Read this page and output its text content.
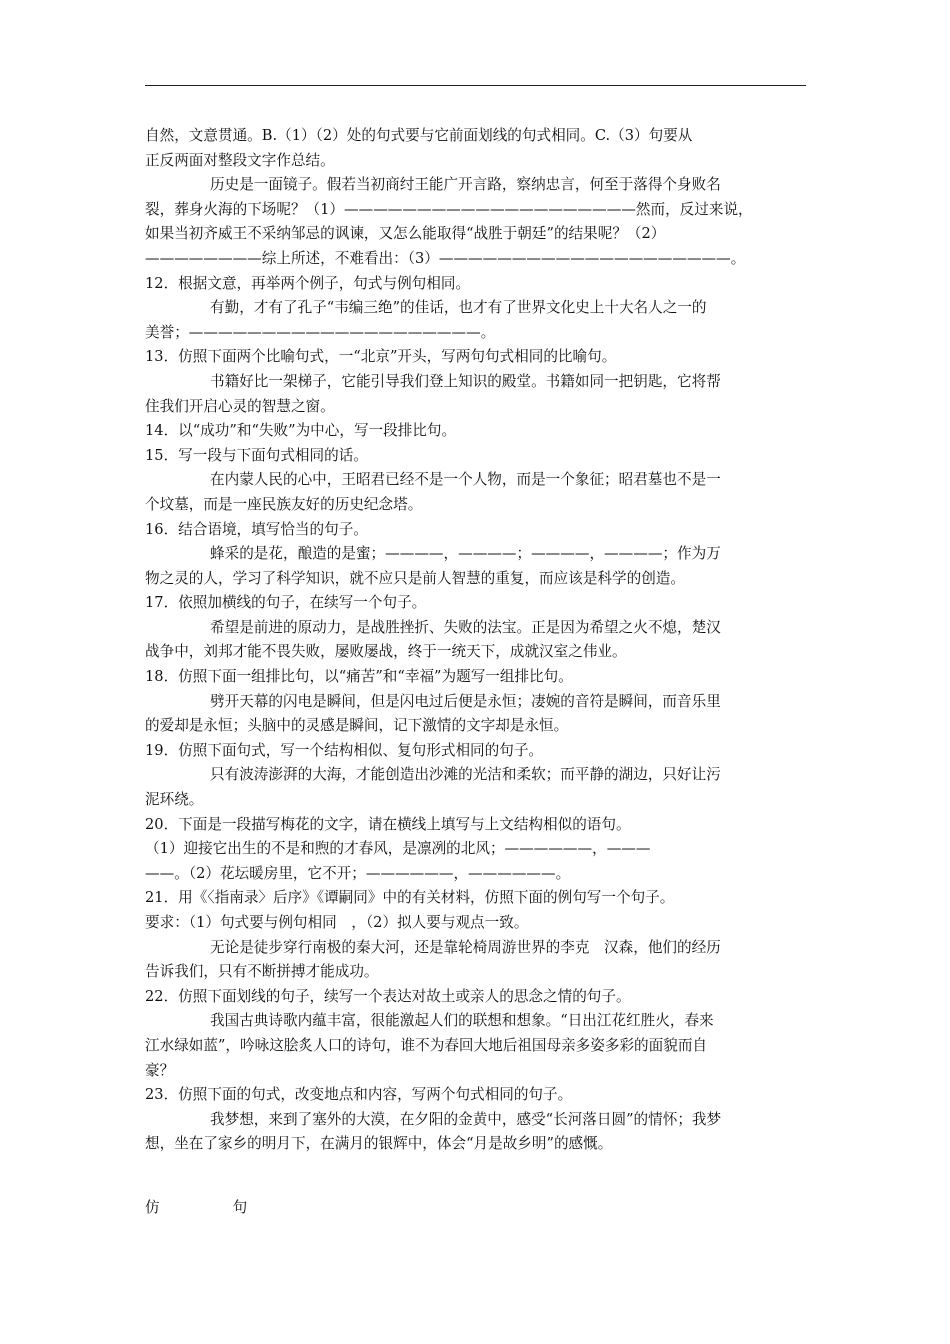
自然，文意贯通。B.（1）（2）处的句式要与它前面划线的句式相同。C.（3）句要从
正反两面对整段文字作总结。
历史是一面镜子。假若当初商纣王能广开言路，察纳忠言，何至于落得个身败名
裂，葬身火海的下场呢？（1）————————————————————然而，反过来说，
如果当初齐威王不采纳邹忌的讽谏，又怎么能取得“战胜于朝廷”的结果呢？（2）
————————综上所述，不难看出：（3）————————————————————。
12．根据文意，再举两个例子，句式与例句相同。
有勤，才有了孔子“韦编三绝”的佳话，也才有了世界文化史上十大名人之一的
美誉；————————————————————。
13．仿照下面两个比喻句式，一“北京”开头，写两句句式相同的比喻句。
书籍好比一架梯子，它能引导我们登上知识的殿堂。书籍如同一把钥匙，它将帮
住我们开启心灵的智慧之窗。
14．以“成功”和“失败”为中心，写一段排比句。
15．写一段与下面句式相同的话。
在内蒙人民的心中，王昭君已经不是一个人物，而是一个象征；昭君墓也不是一
个坟墓，而是一座民族友好的历史纪念塔。
16．结合语境，填写恰当的句子。
蜂采的是花，酿造的是蜜；————，————；————，————；作为万
物之灵的人，学习了科学知识，就不应只是前人智慧的重复，而应该是科学的创造。
17．依照加横线的句子，在续写一个句子。
希望是前进的原动力，是战胜挫折、失败的法宝。正是因为希望之火不熄，楚汉
战争中，刘邦才能不畏失败，屡败屡战，终于一统天下，成就汉室之伟业。
18．仿照下面一组排比句，以“痛苦”和“幸福”为题写一组排比句。
劈开天幕的闪电是瞬间，但是闪电过后便是永恒；凄婉的音符是瞬间，而音乐里
的爱却是永恒；头脑中的灵感是瞬间，记下激情的文字却是永恒。
19．仿照下面句式，写一个结构相似、复句形式相同的句子。
只有波涛澎湃的大海，才能创造出沙滩的光洁和柔软；而平静的湖边，只好让污
泥环绕。
20．下面是一段描写梅花的文字，请在横线上填写与上文结构相似的语句。
（1）迎接它出生的不是和煦的才春风，是凛冽的北风；——————，———
——。（2）花坛暖房里，它不开；——————，——————。
21．用《〈指南录〉后序》《谭嗣同》中的有关材料，仿照下面的例句写一个句子。
要求：（1）句式要与例句相同　，（2）拟人要与观点一致。
无论是徒步穿行南极的秦大河，还是靠轮椅周游世界的李克　汉森，他们的经历
告诉我们，只有不断拼搏才能成功。
22．仿照下面划线的句子，续写一个表达对故土或亲人的思念之情的句子。
我国古典诗歌内蕴丰富，很能激起人们的联想和想象。“日出江花红胜火，春来
江水绿如蓝”，吟咏这脍炙人口的诗句，谁不为春回大地后祖国母亲多姿多彩的面貌而自
豪？
23．仿照下面的句式，改变地点和内容，写两个句式相同的句子。
我梦想，来到了塞外的大漠，在夕阳的金黄中，感受“长河落日圆”的情怀；我梦
想，坐在了家乡的明月下，在满月的银辉中，体会“月是故乡明”的感慨。
仿　　　　　句
